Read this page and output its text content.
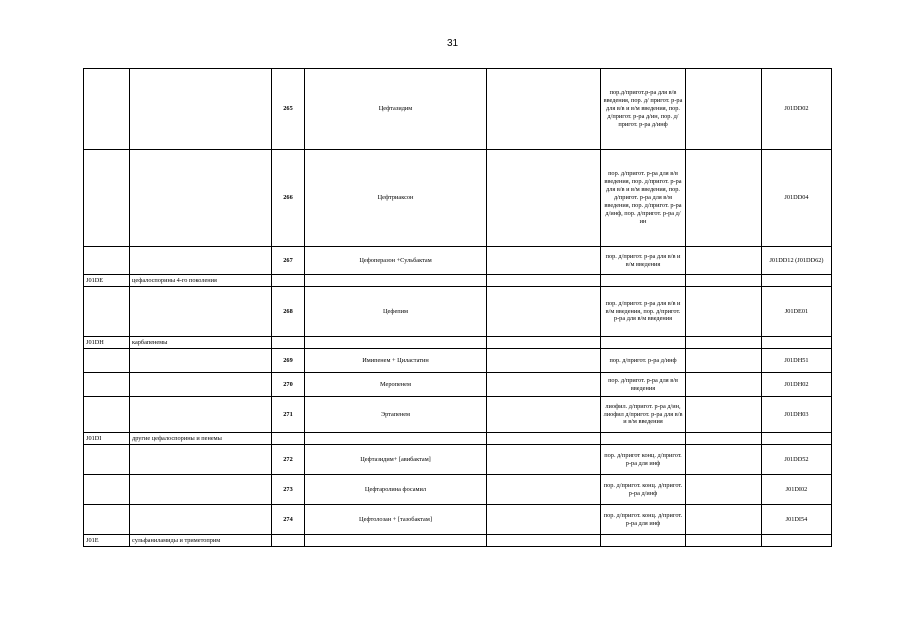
31
		265	Цефтазидим		пор.д/пригот.р-ра для в/в введения, пор. д/ пригот. р-ра для в/в и в/м введения, пор. д/пригот. р-ра д/ин, пор. д/пригот. р-ра д/инф		J01DD02
		266	Цефтриаксон		пор. д/пригот. р-ра для в/в введения, пор. д/пригот. р-ра для в/в и в/м введения, пор. д/пригот. р-ра для в/м введения, пор. д/пригот. р-ра д/инф, пор. д/пригот. р-ра д/ин		J01DD04
		267	Цефоперазон +Сульбактам		пор. д/пригот. р-ра для в/в и в/м введения		J01DD12 (J01DD62)
J01DE	цефалоспорины 4-го поколения						
		268	Цефепим		пор. д/пригот. р-ра для в/в и в/м введения, пор. д/пригот. р-ра для в/м введения		J01DE01
J01DH	карбапенемы						
		269	Имипенем + Циластатин		пор. д/пригот. р-ра д/инф		J01DH51
		270	Меропенем		пор. д/пригот. р-ра для в/в введения		J01DH02
		271	Эртапенем		лиофил. д/пригот. р-ра д/ин, лиофил д/пригот. р-ра для в/в и в/м введения		J01DH03
J01DI	другие цефалоспорины и пенемы						
		272	Цефтазидим+ [авибактам]		пор. д/пригот конц. д/пригот. р-ра для инф		J01DD52
		273	Цефтаролина фосамил		пор. д/пригот. конц. д/пригот. р-ра д/инф		J01DI02
		274	Цефтолозан + [тазобактам]		пор. д/пригот. конц. д/пригот. р-ра для инф		J01DI54
J01E	сульфаниламиды и триметоприм						
